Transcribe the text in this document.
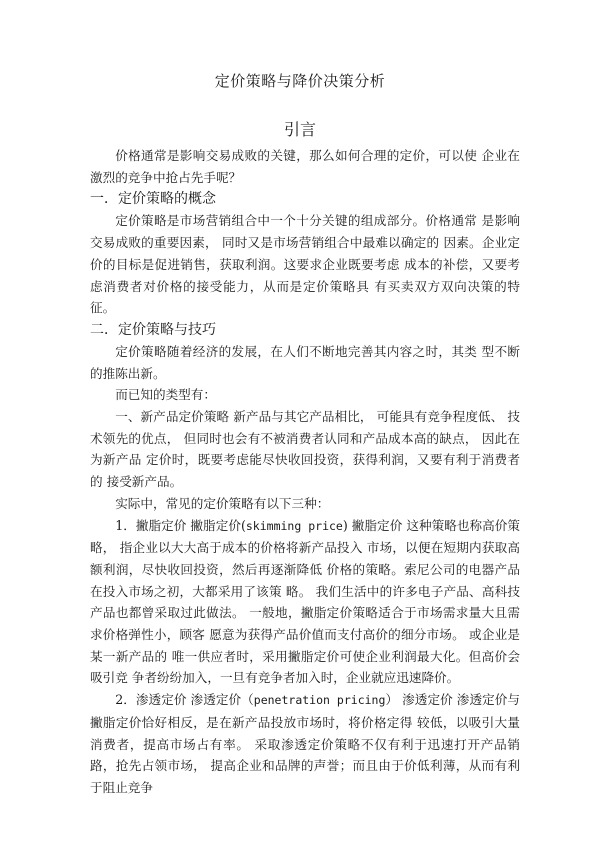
定价策略与降价决策分析
引言

价格通常是影响交易成败的关键，那么如何合理的定价，可以使 企业在激烈的竞争中抢占先手呢？

一．定价策略的概念

定价策略是市场营销组合中一个十分关键的组成部分。价格通常 是影响交易成败的重要因素， 同时又是市场营销组合中最难以确定的 因素。企业定价的目标是促进销售，获取利润。这要求企业既要考虑 成本的补偿，又要考虑消费者对价格的接受能力，从而是定价策略具 有买卖双方双向决策的特征。

二．定价策略与技巧

定价策略随着经济的发展，在人们不断地完善其内容之时，其类 型不断的推陈出新。

而已知的类型有：

一、新产品定价策略 新产品与其它产品相比， 可能具有竞争程度低、 技术领先的优点， 但同时也会有不被消费者认同和产品成本高的缺点， 因此在为新产品 定价时，既要考虑能尽快收回投资，获得利润，又要有利于消费者的 接受新产品。

实际中，常见的定价策略有以下三种：

1．撇脂定价 撇脂定价(skimming price) 撇脂定价 这种策略也称高价策略， 指企业以大大高于成本的价格将新产品投入 市场，以便在短期内获取高额利润，尽快收回投资，然后再逐渐降低 价格的策略。索尼公司的电器产品在投入市场之初，大都采用了该策 略。 我们生活中的许多电子产品、高科技产品也都曾采取过此做法。 一般地，撇脂定价策略适合于市场需求量大且需求价格弹性小，顾客 愿意为获得产品价值而支付高价的细分市场。 或企业是某一新产品的 唯一供应者时，采用撇脂定价可使企业利润最大化。但高价会吸引竞 争者纷纷加入，一旦有竞争者加入时，企业就应迅速降价。

2．渗透定价 渗透定价（penetration pricing） 渗透定价 渗透定价与撇脂定价恰好相反，是在新产品投放市场时，将价格定得 较低，以吸引大量消费者，提高市场占有率。 采取渗透定价策略不仅有利于迅速打开产品销路，抢先占领市场， 提高企业和品牌的声誉；而且由于价低利薄，从而有利于阻止竞争
